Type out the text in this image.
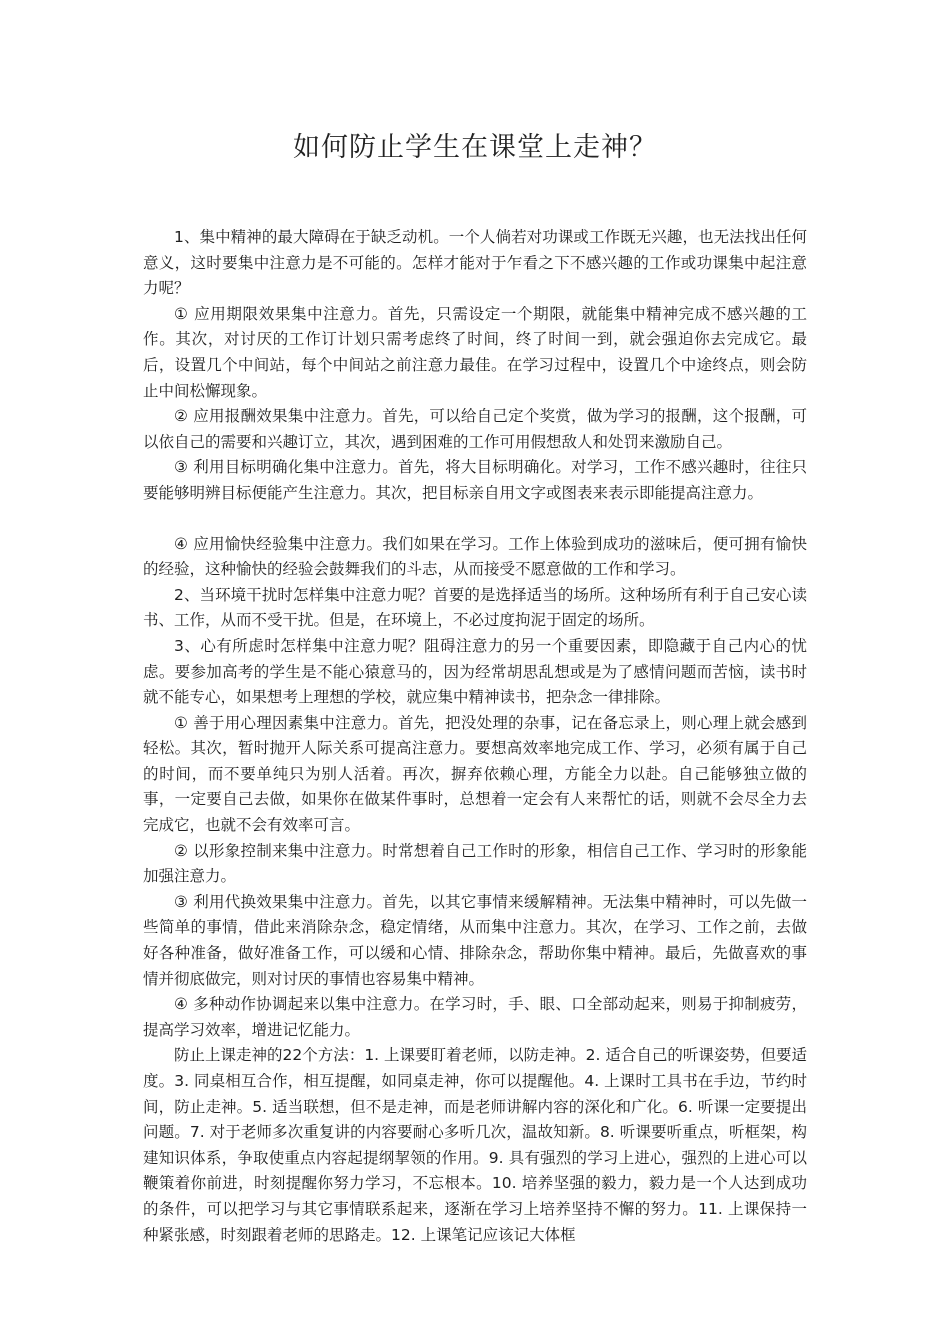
如何防止学生在课堂上走神？

1、集中精神的最大障碍在于缺乏动机。一个人倘若对功课或工作既无兴趣，也无法找出任何意义，这时要集中注意力是不可能的。怎样才能对于乍看之下不感兴趣的工作或功课集中起注意力呢？

① 应用期限效果集中注意力。首先，只需设定一个期限，就能集中精神完成不感兴趣的工作。其次，对讨厌的工作订计划只需考虑终了时间，终了时间一到，就会强迫你去完成它。最后，设置几个中间站，每个中间站之前注意力最佳。在学习过程中，设置几个中途终点，则会防止中间松懈现象。

② 应用报酬效果集中注意力。首先，可以给自己定个奖赏，做为学习的报酬，这个报酬，可以依自己的需要和兴趣订立，其次，遇到困难的工作可用假想敌人和处罚来激励自己。

③ 利用目标明确化集中注意力。首先，将大目标明确化。对学习，工作不感兴趣时，往往只要能够明辨目标便能产生注意力。其次，把目标亲自用文字或图表来表示即能提高注意力。

④ 应用愉快经验集中注意力。我们如果在学习。工作上体验到成功的滋味后，便可拥有愉快的经验，这种愉快的经验会鼓舞我们的斗志，从而接受不愿意做的工作和学习。

2、当环境干扰时怎样集中注意力呢？首要的是选择适当的场所。这种场所有利于自己安心读书、工作，从而不受干扰。但是，在环境上，不必过度拘泥于固定的场所。

3、心有所虑时怎样集中注意力呢？阻碍注意力的另一个重要因素，即隐藏于自己内心的忧虑。要参加高考的学生是不能心猿意马的，因为经常胡思乱想或是为了感情问题而苦恼，读书时就不能专心，如果想考上理想的学校，就应集中精神读书，把杂念一律排除。

① 善于用心理因素集中注意力。首先，把没处理的杂事，记在备忘录上，则心理上就会感到轻松。其次，暂时抛开人际关系可提高注意力。要想高效率地完成工作、学习，必须有属于自己的时间，而不要单纯只为别人活着。再次，摒弃依赖心理，方能全力以赴。自己能够独立做的事，一定要自己去做，如果你在做某件事时，总想着一定会有人来帮忙的话，则就不会尽全力去完成它，也就不会有效率可言。

② 以形象控制来集中注意力。时常想着自己工作时的形象，相信自己工作、学习时的形象能加强注意力。

③ 利用代换效果集中注意力。首先，以其它事情来缓解精神。无法集中精神时，可以先做一些简单的事情，借此来消除杂念，稳定情绪，从而集中注意力。其次，在学习、工作之前，去做好各种准备，做好准备工作，可以缓和心情、排除杂念，帮助你集中精神。最后，先做喜欢的事情并彻底做完，则对讨厌的事情也容易集中精神。

④ 多种动作协调起来以集中注意力。在学习时，手、眼、口全部动起来，则易于抑制疲劳，提高学习效率，增进记忆能力。

防止上课走神的22个方法：1. 上课要盯着老师，以防走神。2. 适合自己的听课姿势，但要适度。3. 同桌相互合作，相互提醒，如同桌走神，你可以提醒他。4. 上课时工具书在手边，节约时间，防止走神。5. 适当联想，但不是走神，而是老师讲解内容的深化和广化。6. 听课一定要提出问题。7. 对于老师多次重复讲的内容要耐心多听几次，温故知新。8. 听课要听重点，听框架，构建知识体系，争取使重点内容起提纲挈领的作用。9. 具有强烈的学习上进心，强烈的上进心可以鞭策着你前进，时刻提醒你努力学习，不忘根本。10. 培养坚强的毅力，毅力是一个人达到成功的条件，可以把学习与其它事情联系起来，逐渐在学习上培养坚持不懈的努力。11. 上课保持一种紧张感，时刻跟着老师的思路走。12. 上课笔记应该记大体框
